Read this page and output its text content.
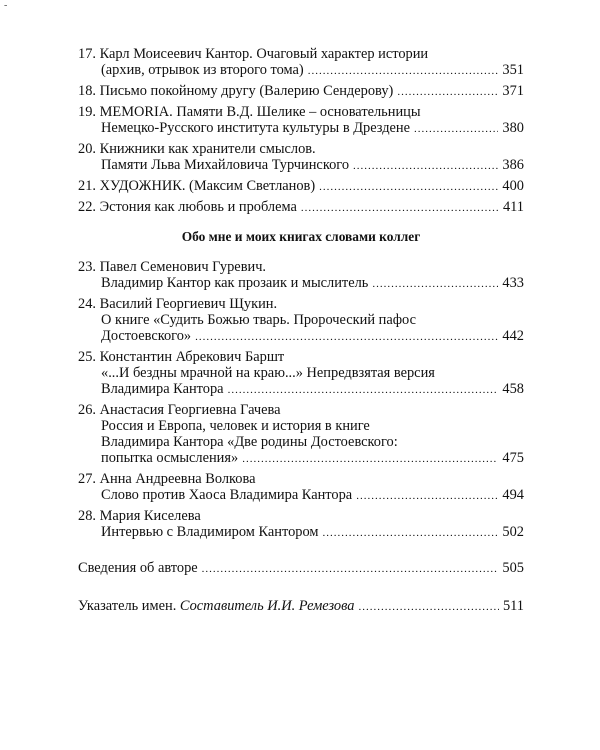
-
17. Карл Моисеевич Кантор. Очаговый характер истории
(архив, отрывок из второго тома) .....	351
18. Письмо покойному другу (Валерию Сендерову) .....	371
19. MEMORIA. Памяти В.Д. Шелике – основательницы
Немецко-Русского института культуры в Дрездене .....	380
20. Книжники как хранители смыслов.
Памяти Льва Михайловича Турчинского .....	386
21. ХУДОЖНИК. (Максим Светланов) .....	400
22. Эстония как любовь и проблема .....	411
Обо мне и моих книгах словами коллег
23. Павел Семенович Гуревич.
Владимир Кантор как прозаик и мыслитель .....	433
24. Василий Георгиевич Щукин.
О книге «Судить Божью тварь. Пророческий пафос
Достоевского» .....	442
25. Константин Абрекович Баршт
«...И бездны мрачной на краю...» Непредвзятая версия
Владимира Кантора .....	458
26. Анастасия Георгиевна Гачева
Россия и Европа, человек и история в книге
Владимира Кантора «Две родины Достоевского:
попытка осмысления» .....	475
27. Анна Андреевна Волкова
Слово против Хаоса Владимира Кантора .....	494
28. Мария Киселева
Интервью с Владимиром Кантором .....	502
Сведения об авторе .....	505
Указатель имен. Составитель И.И. Ремезова .....	511
